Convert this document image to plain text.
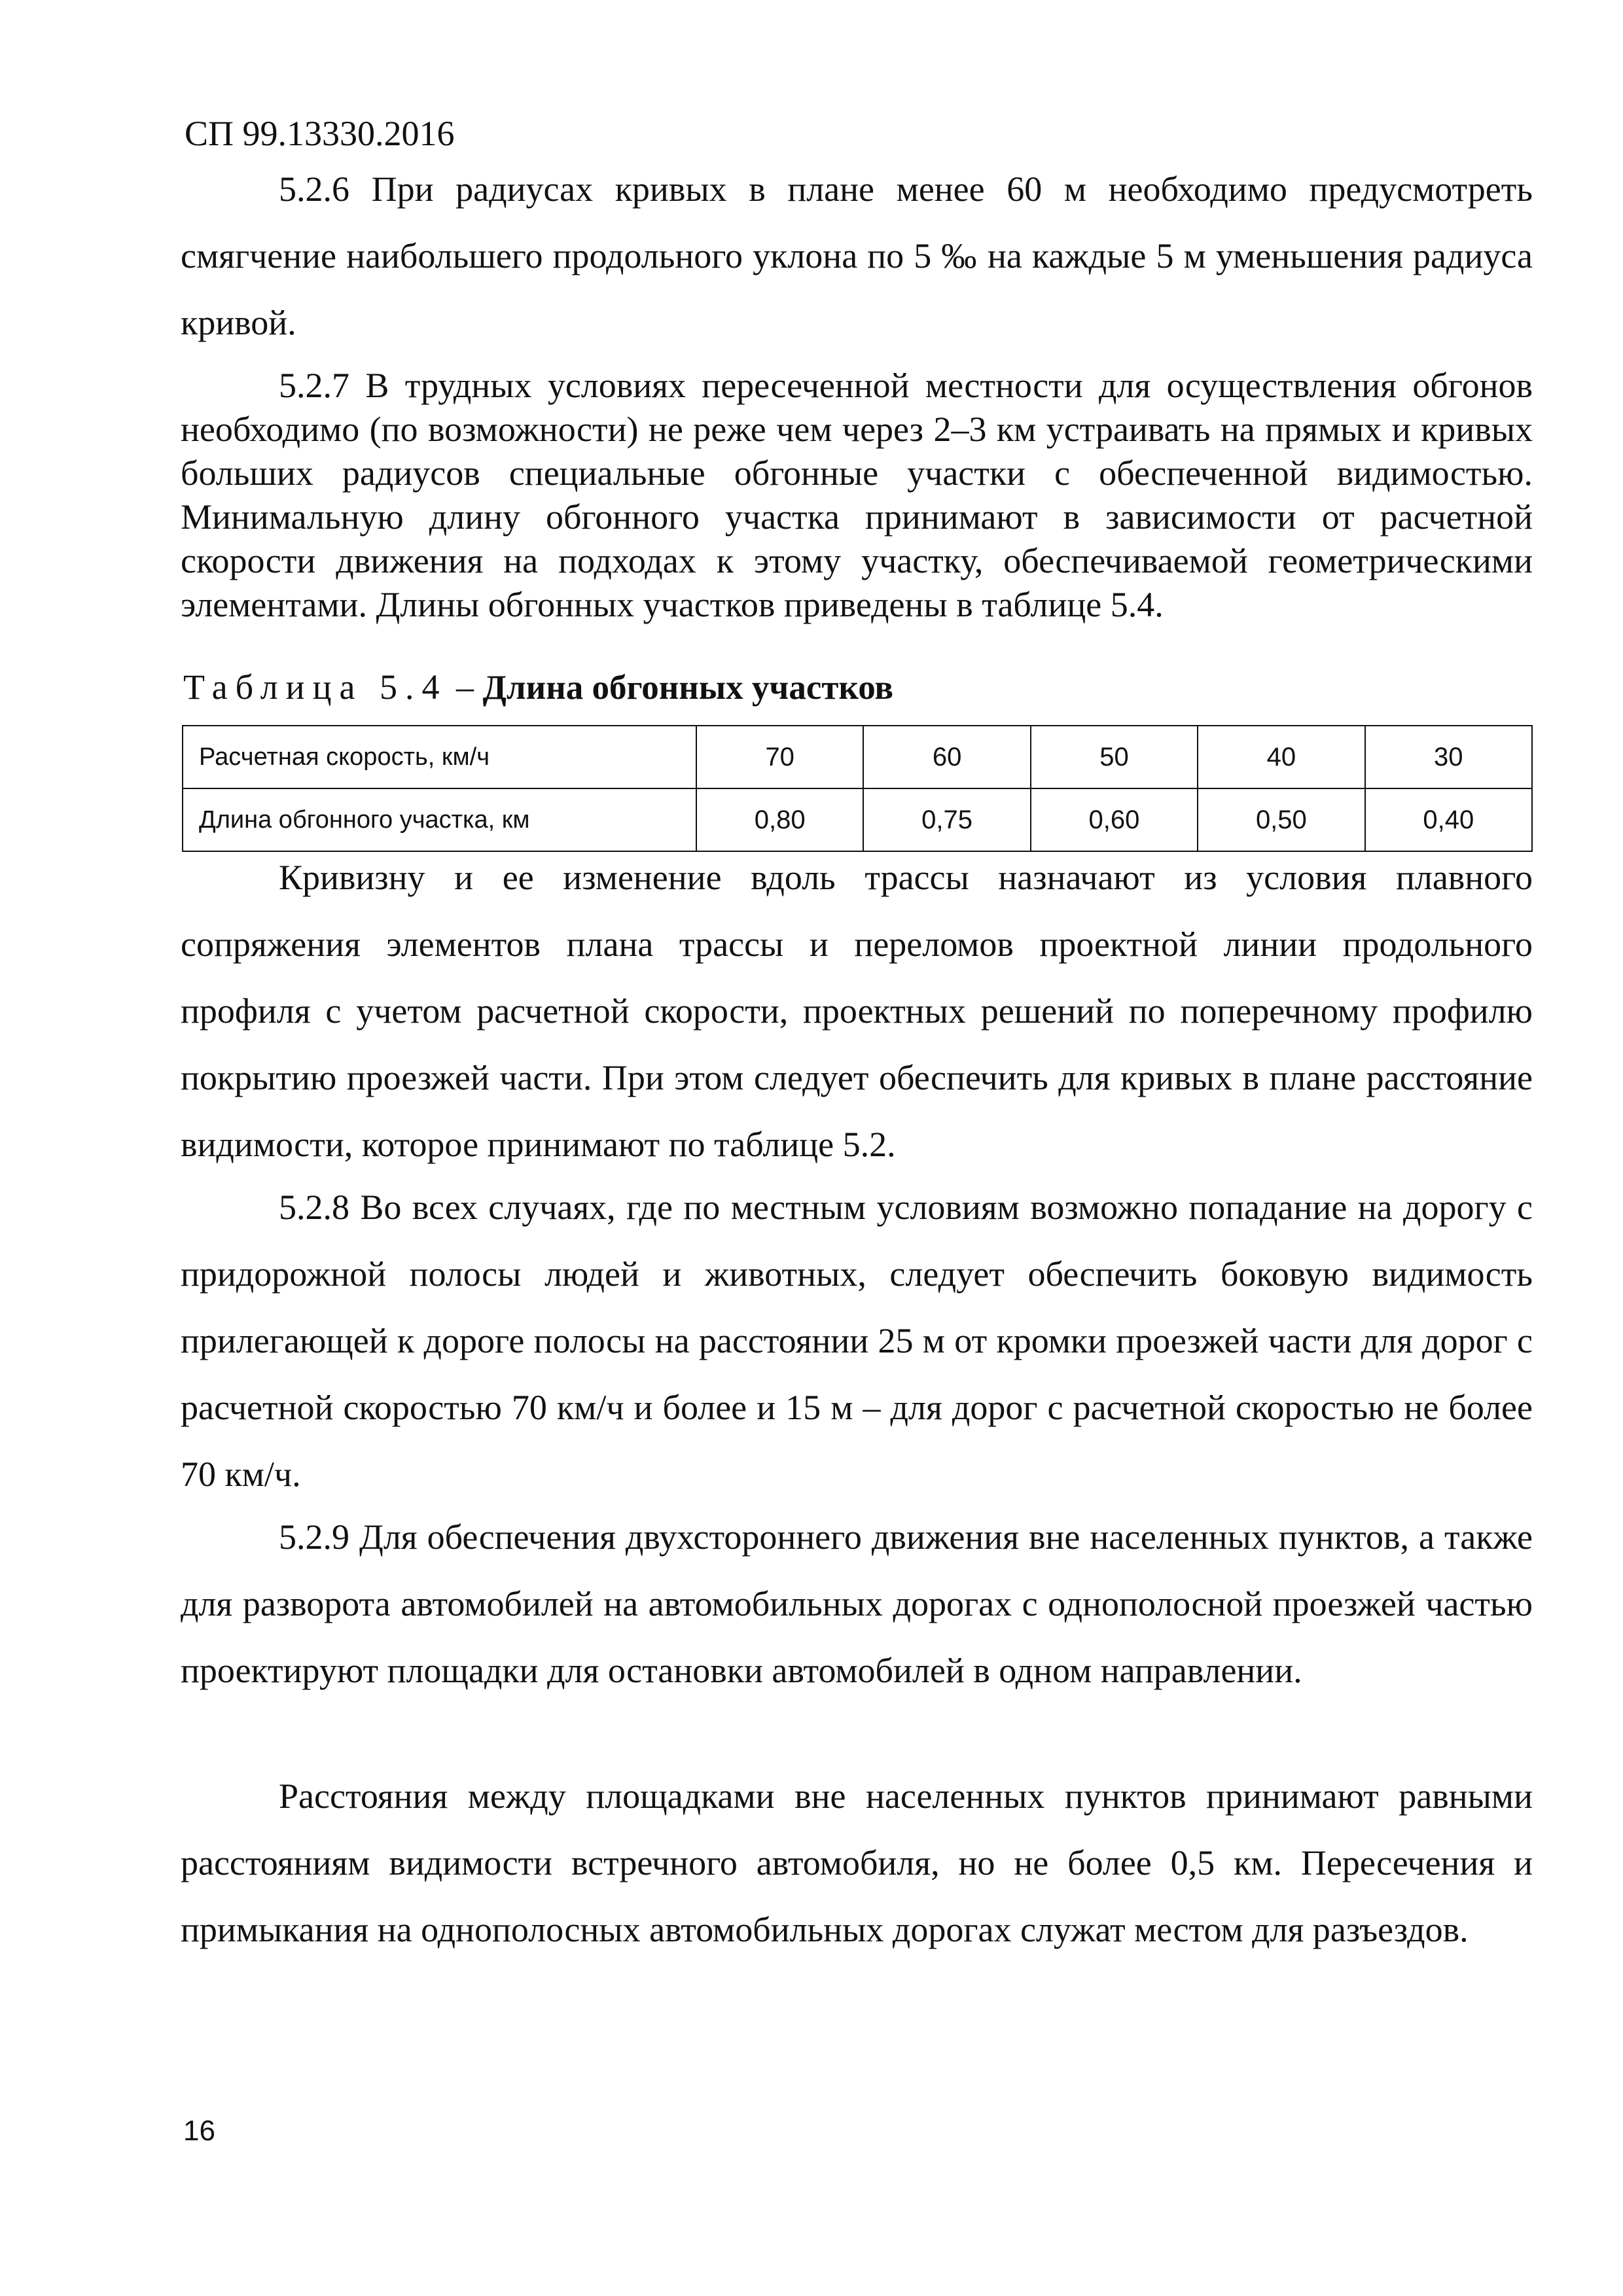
СП 99.13330.2016

5.2.6 При радиусах кривых в плане менее 60 м необходимо предусмотреть смягчение наибольшего продольного уклона по 5 ‰ на каждые 5 м уменьшения радиуса кривой.

5.2.7 В трудных условиях пересеченной местности для осуществления обгонов необходимо (по возможности) не реже чем через 2–3 км устраивать на прямых и кривых больших радиусов специальные обгонные участки с обеспеченной видимостью. Минимальную длину обгонного участка принимают в зависимости от расчетной скорости движения на подходах к этому участку, обеспечиваемой геометрическими элементами. Длины обгонных участков приведены в таблице 5.4.

Таблица 5.4 – Длина обгонных участков
Расчетная скорость, км/ч	70	60	50	40	30
Длина обгонного участка, км	0,80	0,75	0,60	0,50	0,40

Кривизну и ее изменение вдоль трассы назначают из условия плавного сопряжения элементов плана трассы и переломов проектной линии продольного профиля с учетом расчетной скорости, проектных решений по поперечному профилю покрытию проезжей части. При этом следует обеспечить для кривых в плане расстояние видимости, которое принимают по таблице 5.2.

5.2.8 Во всех случаях, где по местным условиям возможно попадание на дорогу с придорожной полосы людей и животных, следует обеспечить боковую видимость прилегающей к дороге полосы на расстоянии 25 м от кромки проезжей части для дорог с расчетной скоростью 70 км/ч и более и 15 м – для дорог с расчетной скоростью не более 70 км/ч.

5.2.9 Для обеспечения двухстороннего движения вне населенных пунктов, а также для разворота автомобилей на автомобильных дорогах с однополосной проезжей частью проектируют площадки для остановки автомобилей в одном направлении.

Расстояния между площадками вне населенных пунктов принимают равными расстояниям видимости встречного автомобиля, но не более 0,5 км. Пересечения и примыкания на однополосных автомобильных дорогах служат местом для разъездов.

16
